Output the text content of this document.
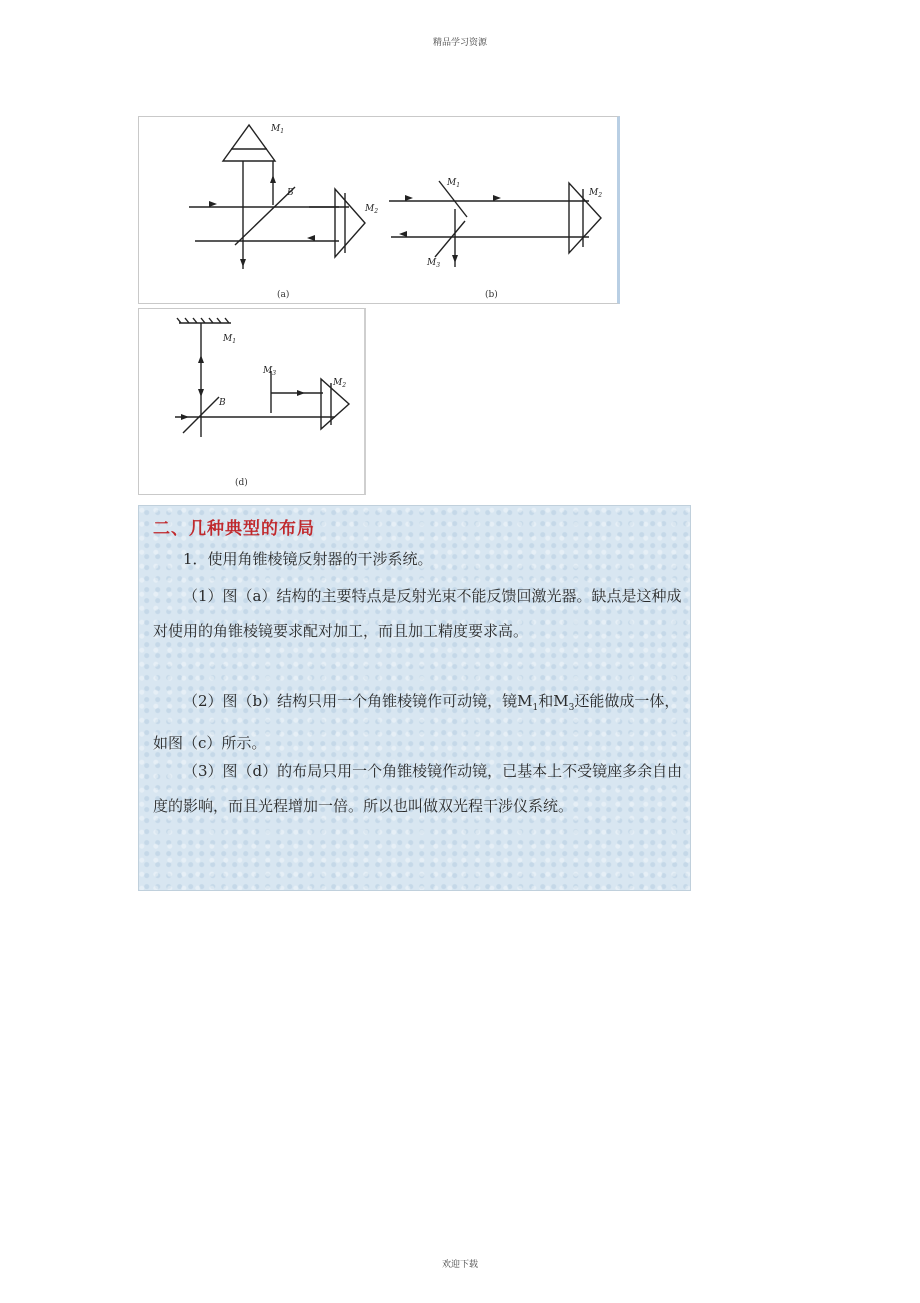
精品学习资源
$M_1$
B
$M_2$
(a)
$M_1$
$M_2$
$M_3$
(b)
$M_1$
B
$M_3$
$M_2$
(d)
二、几种典型的布局
1．使用角锥棱镜反射器的干涉系统。
（1）图（a）结构的主要特点是反射光束不能反馈回激光器。缺点是这种成对使用的角锥棱镜要求配对加工，而且加工精度要求高。
（2）图（b）结构只用一个角锥棱镜作可动镜，镜$M_1$和$M_3$还能做成一体，如图（c）所示。
（3）图（d）的布局只用一个角锥棱镜作动镜，已基本上不受镜座多余自由度的影响，而且光程增加一倍。所以也叫做双光程干涉仪系统。
欢迎下载
